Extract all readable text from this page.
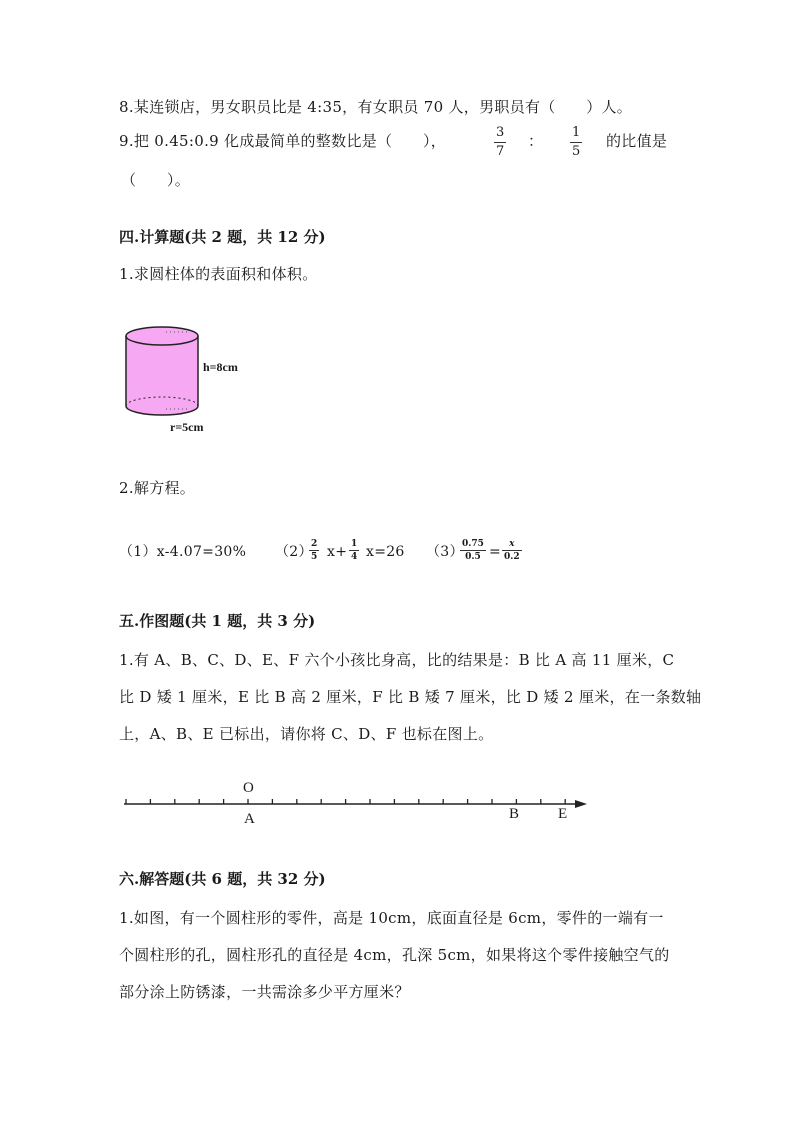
8.某连锁店，男女职员比是 4:35，有女职员 70 人，男职员有（　　）人。
9.把 0.45:0.9 化成最简单的整数比是（　　），	3
7
： 1
5
的比值是
（　　）。
四.计算题(共 2 题，共 12 分)
1.求圆柱体的表面积和体积。
h=8cm
r=5cm
2.解方程。
（1）x-4.07=30% （2）
2
5 x+ 1
4 x=26 （3）
0.75
0.5 = x
0.2
五.作图题(共 1 题，共 3 分)
1.有 A、B、C、D、E、F 六个小孩比身高，比的结果是：B 比 A 高 11 厘米，C
比 D 矮 1 厘米，E 比 B 高 2 厘米，F 比 B 矮 7 厘米，比 D 矮 2 厘米，在一条数轴
上，A、B、E 已标出，请你将 C、D、F 也标在图上。
O
A	B	E
六.解答题(共 6 题，共 32 分)
1.如图，有一个圆柱形的零件，高是 10cm，底面直径是 6cm，零件的一端有一
个圆柱形的孔，圆柱形孔的直径是 4cm，孔深 5cm，如果将这个零件接触空气的
部分涂上防锈漆，一共需涂多少平方厘米？
